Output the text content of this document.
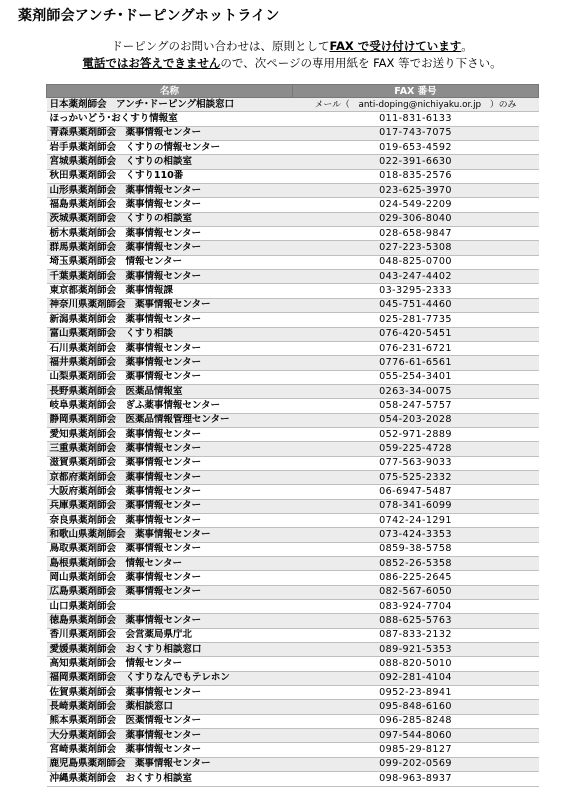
薬剤師会アンチ･ドーピングホットライン
ドーピングのお問い合わせは、原則としてFAX で受け付けています。
電話ではお答えできませんので、次ページの専用用紙を FAX 等でお送り下さい。
名称	FAX 番号
日本薬剤師会　アンチ･ドーピング相談窓口	メール（　anti-doping@nichiyaku.or.jp　）のみ
ほっかいどう･おくすり情報室	011-831-6133
青森県薬剤師会　薬事情報センター	017-743-7075
岩手県薬剤師会　くすりの情報センター	019-653-4592
宮城県薬剤師会　くすりの相談室	022-391-6630
秋田県薬剤師会　くすり110番	018-835-2576
山形県薬剤師会　薬事情報センター	023-625-3970
福島県薬剤師会　薬事情報センター	024-549-2209
茨城県薬剤師会　くすりの相談室	029-306-8040
栃木県薬剤師会　薬事情報センター	028-658-9847
群馬県薬剤師会　薬事情報センター	027-223-5308
埼玉県薬剤師会　情報センター	048-825-0700
千葉県薬剤師会　薬事情報センター	043-247-4402
東京都薬剤師会　薬事情報課	03-3295-2333
神奈川県薬剤師会　薬事情報センター	045-751-4460
新潟県薬剤師会　薬事情報センター	025-281-7735
富山県薬剤師会　くすり相談	076-420-5451
石川県薬剤師会　薬事情報センター	076-231-6721
福井県薬剤師会　薬事情報センター	0776-61-6561
山梨県薬剤師会　薬事情報センター	055-254-3401
長野県薬剤師会　医薬品情報室	0263-34-0075
岐阜県薬剤師会　ぎふ薬事情報センター	058-247-5757
静岡県薬剤師会　医薬品情報管理センター	054-203-2028
愛知県薬剤師会　薬事情報センター	052-971-2889
三重県薬剤師会　薬事情報センター	059-225-4728
滋賀県薬剤師会　薬事情報センター	077-563-9033
京都府薬剤師会　薬事情報センター	075-525-2332
大阪府薬剤師会　薬事情報センター	06-6947-5487
兵庫県薬剤師会　薬事情報センター	078-341-6099
奈良県薬剤師会　薬事情報センター	0742-24-1291
和歌山県薬剤師会　薬事情報センター	073-424-3353
鳥取県薬剤師会　薬事情報センター	0859-38-5758
島根県薬剤師会　情報センター	0852-26-5358
岡山県薬剤師会　薬事情報センター	086-225-2645
広島県薬剤師会　薬事情報センター	082-567-6050
山口県薬剤師会	083-924-7704
徳島県薬剤師会　薬事情報センター	088-625-5763
香川県薬剤師会　会営薬局県庁北	087-833-2132
愛媛県薬剤師会　おくすり相談窓口	089-921-5353
高知県薬剤師会　情報センター	088-820-5010
福岡県薬剤師会　くすりなんでもテレホン	092-281-4104
佐賀県薬剤師会　薬事情報センター	0952-23-8941
長崎県薬剤師会　薬相談窓口	095-848-6160
熊本県薬剤師会　医薬情報センター	096-285-8248
大分県薬剤師会　薬事情報センター	097-544-8060
宮崎県薬剤師会　薬事情報センター	0985-29-8127
鹿児島県薬剤師会　薬事情報センター	099-202-0569
沖縄県薬剤師会　おくすり相談室	098-963-8937
